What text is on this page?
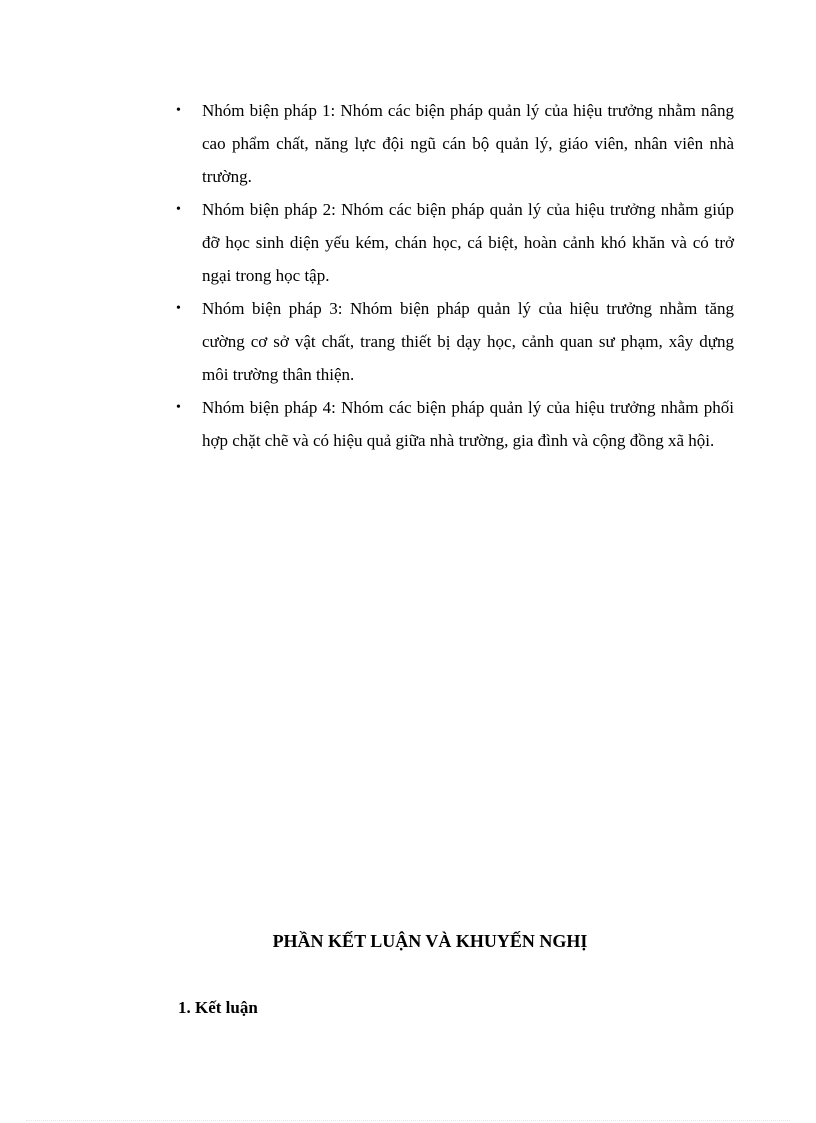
•	Nhóm biện pháp 1: Nhóm các biện pháp quản lý của hiệu trưởng nhằm nâng cao phẩm chất, năng lực đội ngũ cán bộ quản lý, giáo viên, nhân viên nhà trường.
•	Nhóm biện pháp 2: Nhóm các biện pháp quản lý của hiệu trưởng nhằm giúp đỡ học sinh diện yếu kém, chán học, cá biệt, hoàn cảnh khó khăn và có trở ngại trong học tập.
•	Nhóm biện pháp 3: Nhóm biện pháp quản lý của hiệu trưởng nhằm tăng cường cơ sở vật chất, trang thiết bị dạy học, cảnh quan sư phạm, xây dựng môi trường thân thiện.
•	Nhóm biện pháp 4: Nhóm các biện pháp quản lý của hiệu trưởng nhằm phối hợp chặt chẽ và có hiệu quả giữa nhà trường, gia đình và cộng đồng xã hội.
PHẦN KẾT LUẬN VÀ KHUYẾN NGHỊ
1. Kết luận
